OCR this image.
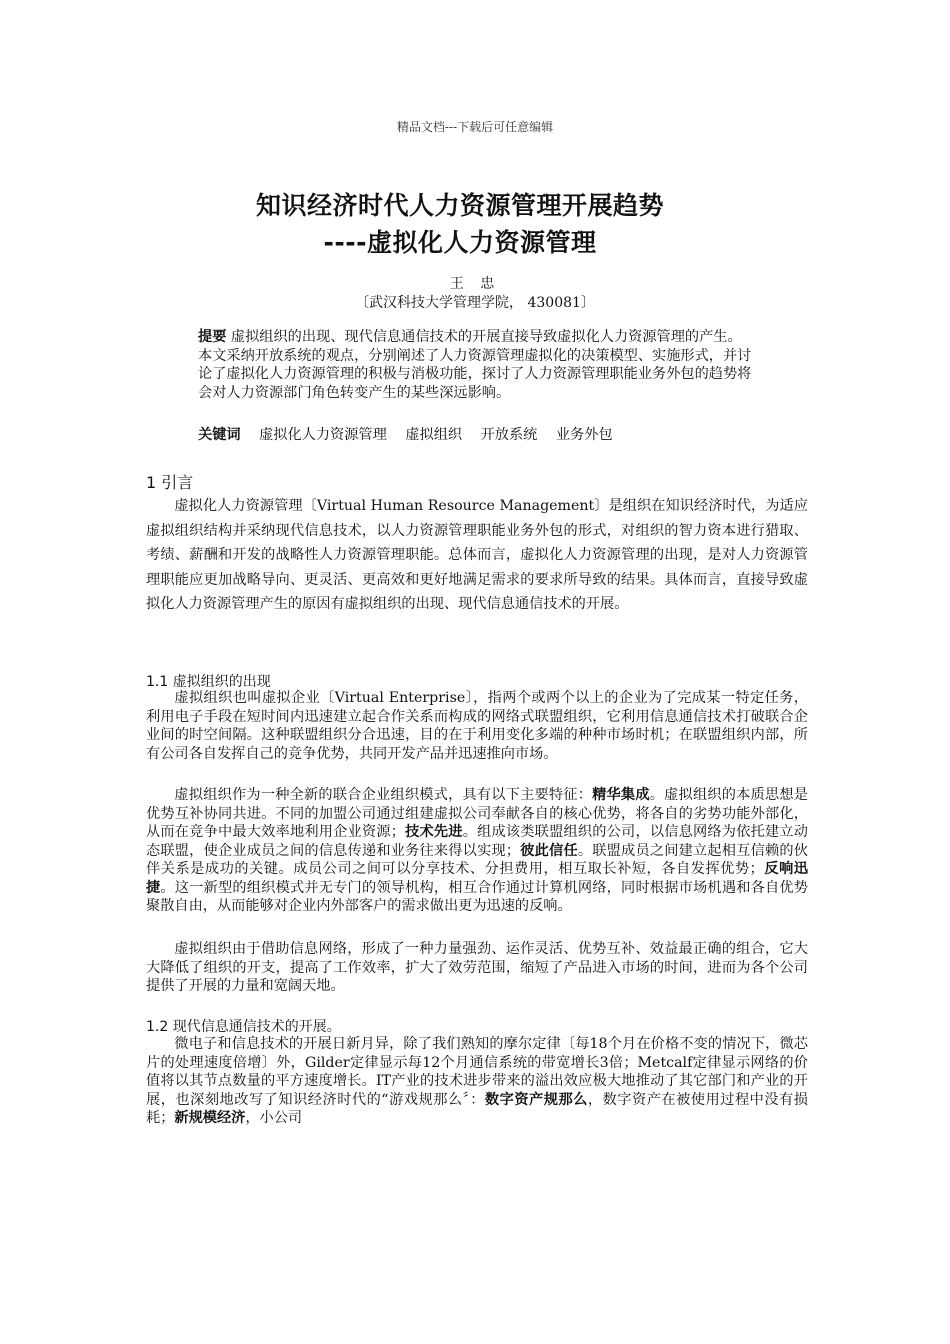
精品文档---下载后可任意编辑
知识经济时代人力资源管理开展趋势
----虚拟化人力资源管理
王 忠
〔武汉科技大学管理学院， 430081〕
提要 虚拟组织的出现、现代信息通信技术的开展直接导致虚拟化人力资源管理的产生。本文采纳开放系统的观点，分别阐述了人力资源管理虚拟化的决策模型、实施形式，并讨论了虚拟化人力资源管理的积极与消极功能，探讨了人力资源管理职能业务外包的趋势将会对人力资源部门角色转变产生的某些深远影响。
关键词 虚拟化人力资源管理 虚拟组织 开放系统 业务外包
1 引言

虚拟化人力资源管理〔Virtual Human Resource Management〕是组织在知识经济时代，为适应虚拟组织结构并采纳现代信息技术，以人力资源管理职能业务外包的形式，对组织的智力资本进行猎取、考绩、薪酬和开发的战略性人力资源管理职能。总体而言，虚拟化人力资源管理的出现，是对人力资源管理职能应更加战略导向、更灵活、更高效和更好地满足需求的要求所导致的结果。具体而言，直接导致虚拟化人力资源管理产生的原因有虚拟组织的出现、现代信息通信技术的开展。

1.1 虚拟组织的出现

虚拟组织也叫虚拟企业〔Virtual Enterprise〕，指两个或两个以上的企业为了完成某一特定任务，利用电子手段在短时间内迅速建立起合作关系而构成的网络式联盟组织，它利用信息通信技术打破联合企业间的时空间隔。这种联盟组织分合迅速，目的在于利用变化多端的种种市场时机；在联盟组织内部，所有公司各自发挥自己的竞争优势，共同开发产品并迅速推向市场。

虚拟组织作为一种全新的联合企业组织模式，具有以下主要特征：精华集成。虚拟组织的本质思想是优势互补协同共进。不同的加盟公司通过组建虚拟公司奉献各自的核心优势，将各自的劣势功能外部化，从而在竞争中最大效率地利用企业资源；技术先进。组成该类联盟组织的公司，以信息网络为依托建立动态联盟，使企业成员之间的信息传递和业务往来得以实现；彼此信任。联盟成员之间建立起相互信赖的伙伴关系是成功的关键。成员公司之间可以分享技术、分担费用，相互取长补短，各自发挥优势；反响迅捷。这一新型的组织模式并无专门的领导机构，相互合作通过计算机网络，同时根据市场机遇和各自优势聚散自由，从而能够对企业内外部客户的需求做出更为迅速的反响。

虚拟组织由于借助信息网络，形成了一种力量强劲、运作灵活、优势互补、效益最正确的组合，它大大降低了组织的开支，提高了工作效率，扩大了效劳范围，缩短了产品进入市场的时间，进而为各个公司提供了开展的力量和宽阔天地。

1.2 现代信息通信技术的开展。

微电子和信息技术的开展日新月异，除了我们熟知的摩尔定律〔每18个月在价格不变的情况下，微芯片的处理速度倍增〕外，Gilder定律显示每12个月通信系统的带宽增长3倍；Metcalf定律显示网络的价值将以其节点数量的平方速度增长。IT产业的技术进步带来的溢出效应极大地推动了其它部门和产业的开展，也深刻地改写了知识经济时代的“游戏规那么〞：数字资产规那么，数字资产在被使用过程中没有损耗；新规模经济，小公司
